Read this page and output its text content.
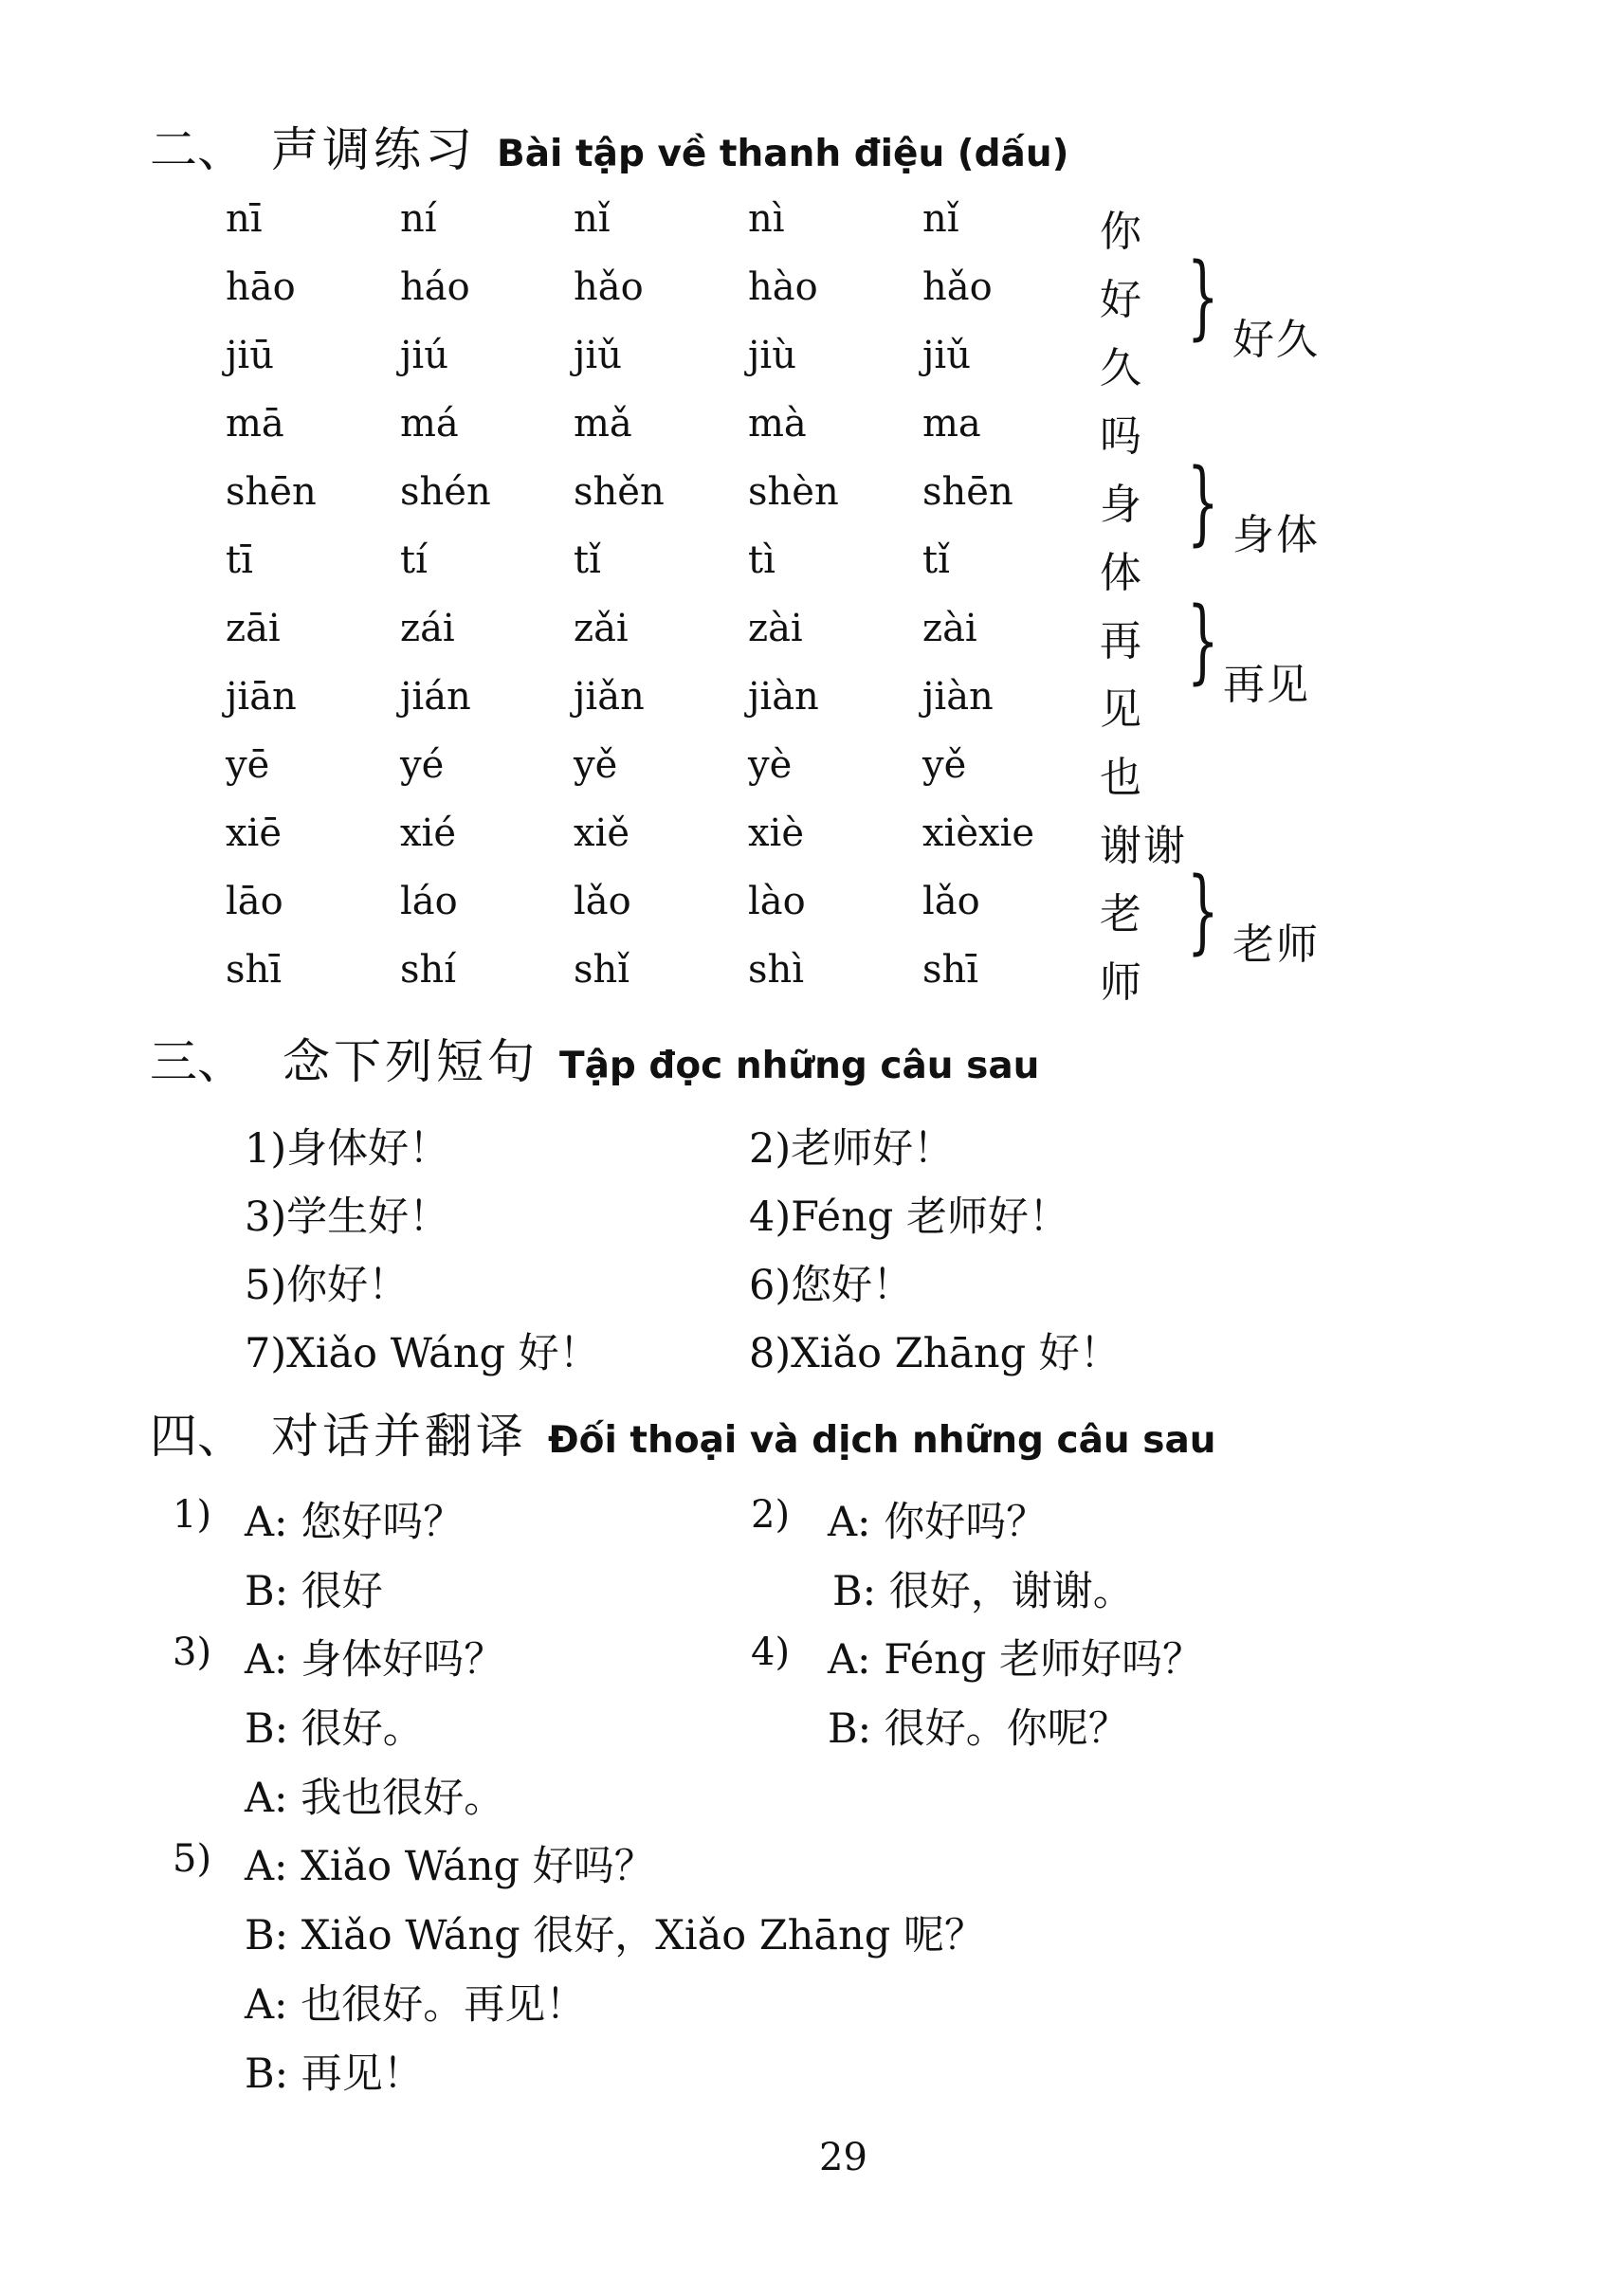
二、 声调练习 Bài tập về thanh điệu (dấu)
nī	ní	nǐ	nì	nǐ	你
hāo	háo	hǎo	hào	hǎo	好
jiū	jiú	jiǔ	jiù	jiǔ	久
mā	má	mǎ	mà	ma	吗
shēn shén shěn shèn shēn 身
tī	tí	tǐ	tì	tǐ	体
zāi	zái	zǎi	zài	zài	再
jiān	jián	jiǎn	jiàn	jiàn	见
yē	yé	yě	yè	yě	也
xiē	xié	xiě	xiè	xièxie 谢谢
lāo	láo	lǎo	lào	lǎo	老
shī	shí	shǐ	shì	shī	师
} 好久
} 身体
} 再见
} 老师
三、 念下列短句 Tập đọc những câu sau
1)身体好！	2)老师好！
3)学生好！	4)Féng 老师好！
5)你好！	6)您好！
7)Xiǎo Wáng 好！	8)Xiǎo Zhāng 好！
四、 对话并翻译 Đối thoại và dịch những câu sau
1) A: 您好吗？
B: 很好
2) A: 你好吗？
B: 很好，谢谢。
3) A: 身体好吗？
B: 很好。
A: 我也很好。
4) A: Féng 老师好吗？
B: 很好。你呢？
5) A: Xiǎo Wáng 好吗？
B: Xiǎo Wáng 很好，Xiǎo Zhāng 呢？
A: 也很好。再见！
B: 再见！
29
